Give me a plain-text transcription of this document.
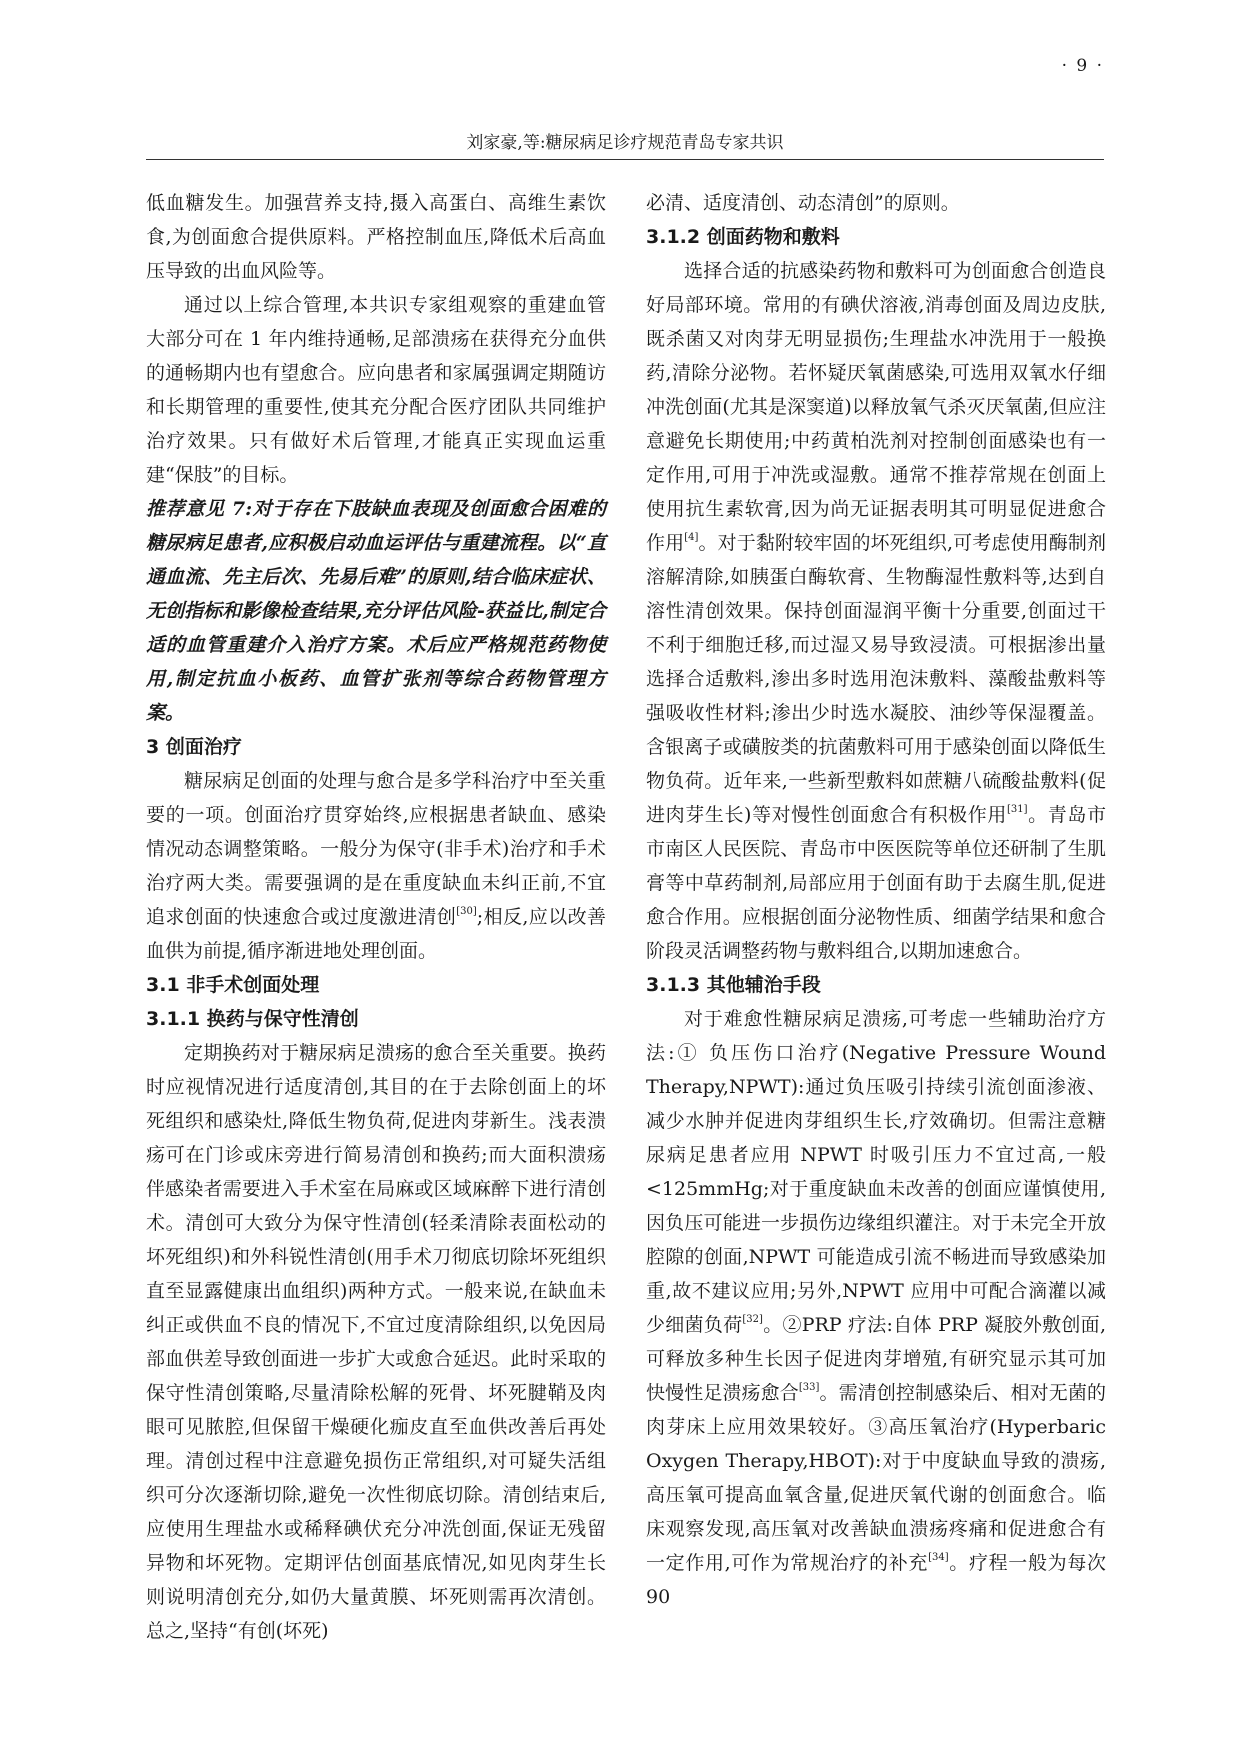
· 9 ·
刘家豪,等:糖尿病足诊疗规范青岛专家共识

低血糖发生。加强营养支持,摄入高蛋白、高维生素饮食,为创面愈合提供原料。严格控制血压,降低术后高血压导致的出血风险等。

通过以上综合管理,本共识专家组观察的重建血管大部分可在 1 年内维持通畅,足部溃疡在获得充分血供的通畅期内也有望愈合。应向患者和家属强调定期随访和长期管理的重要性,使其充分配合医疗团队共同维护治疗效果。只有做好术后管理,才能真正实现血运重建“保肢”的目标。

推荐意见 7:对于存在下肢缺血表现及创面愈合困难的糖尿病足患者,应积极启动血运评估与重建流程。以“直通血流、先主后次、先易后难”的原则,结合临床症状、无创指标和影像检查结果,充分评估风险-获益比,制定合适的血管重建介入治疗方案。术后应严格规范药物使用,制定抗血小板药、血管扩张剂等综合药物管理方案。

3 创面治疗

糖尿病足创面的处理与愈合是多学科治疗中至关重要的一项。创面治疗贯穿始终,应根据患者缺血、感染情况动态调整策略。一般分为保守(非手术)治疗和手术治疗两大类。需要强调的是在重度缺血未纠正前,不宜追求创面的快速愈合或过度激进清创[30];相反,应以改善血供为前提,循序渐进地处理创面。

3.1 非手术创面处理
3.1.1 换药与保守性清创

定期换药对于糖尿病足溃疡的愈合至关重要。换药时应视情况进行适度清创,其目的在于去除创面上的坏死组织和感染灶,降低生物负荷,促进肉芽新生。浅表溃疡可在门诊或床旁进行简易清创和换药;而大面积溃疡伴感染者需要进入手术室在局麻或区域麻醉下进行清创术。清创可大致分为保守性清创(轻柔清除表面松动的坏死组织)和外科锐性清创(用手术刀彻底切除坏死组织直至显露健康出血组织)两种方式。一般来说,在缺血未纠正或供血不良的情况下,不宜过度清除组织,以免因局部血供差导致创面进一步扩大或愈合延迟。此时采取的保守性清创策略,尽量清除松解的死骨、坏死腱鞘及肉眼可见脓腔,但保留干燥硬化痂皮直至血供改善后再处理。清创过程中注意避免损伤正常组织,对可疑失活组织可分次逐渐切除,避免一次性彻底切除。清创结束后,应使用生理盐水或稀释碘伏充分冲洗创面,保证无残留异物和坏死物。定期评估创面基底情况,如见肉芽生长则说明清创充分,如仍大量黄膜、坏死则需再次清创。总之,坚持“有创(坏死)

必清、适度清创、动态清创”的原则。

3.1.2 创面药物和敷料

选择合适的抗感染药物和敷料可为创面愈合创造良好局部环境。常用的有碘伏溶液,消毒创面及周边皮肤,既杀菌又对肉芽无明显损伤;生理盐水冲洗用于一般换药,清除分泌物。若怀疑厌氧菌感染,可选用双氧水仔细冲洗创面(尤其是深窦道)以释放氧气杀灭厌氧菌,但应注意避免长期使用;中药黄柏洗剂对控制创面感染也有一定作用,可用于冲洗或湿敷。通常不推荐常规在创面上使用抗生素软膏,因为尚无证据表明其可明显促进愈合作用[4]。对于黏附较牢固的坏死组织,可考虑使用酶制剂溶解清除,如胰蛋白酶软膏、生物酶湿性敷料等,达到自溶性清创效果。保持创面湿润平衡十分重要,创面过干不利于细胞迁移,而过湿又易导致浸渍。可根据渗出量选择合适敷料,渗出多时选用泡沫敷料、藻酸盐敷料等强吸收性材料;渗出少时选水凝胶、油纱等保湿覆盖。含银离子或磺胺类的抗菌敷料可用于感染创面以降低生物负荷。近年来,一些新型敷料如蔗糖八硫酸盐敷料(促进肉芽生长)等对慢性创面愈合有积极作用[31]。青岛市市南区人民医院、青岛市中医医院等单位还研制了生肌膏等中草药制剂,局部应用于创面有助于去腐生肌,促进愈合作用。应根据创面分泌物性质、细菌学结果和愈合阶段灵活调整药物与敷料组合,以期加速愈合。

3.1.3 其他辅治手段

对于难愈性糖尿病足溃疡,可考虑一些辅助治疗方法:① 负压伤口治疗(Negative Pressure Wound Therapy,NPWT):通过负压吸引持续引流创面渗液、减少水肿并促进肉芽组织生长,疗效确切。但需注意糖尿病足患者应用 NPWT 时吸引压力不宜过高,一般<125mmHg;对于重度缺血未改善的创面应谨慎使用,因负压可能进一步损伤边缘组织灌注。对于未完全开放腔隙的创面,NPWT 可能造成引流不畅进而导致感染加重,故不建议应用;另外,NPWT 应用中可配合滴灌以减少细菌负荷[32]。②PRP 疗法:自体 PRP 凝胶外敷创面,可释放多种生长因子促进肉芽增殖,有研究显示其可加快慢性足溃疡愈合[33]。需清创控制感染后、相对无菌的肉芽床上应用效果较好。③高压氧治疗(Hyperbaric Oxygen Therapy,HBOT):对于中度缺血导致的溃疡,高压氧可提高血氧含量,促进厌氧代谢的创面愈合。临床观察发现,高压氧对改善缺血溃疡疼痛和促进愈合有一定作用,可作为常规治疗的补充[34]。疗程一般为每次 90
